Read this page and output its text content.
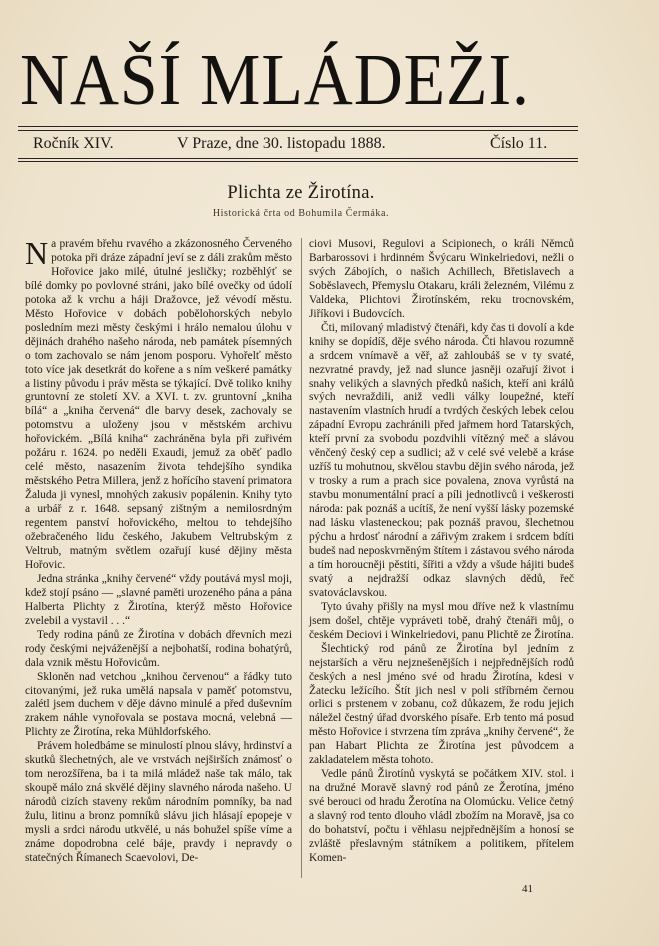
NAŠÍ MLÁDEŽI.
Ročník XIV.	V Praze, dne 30. listopadu 1888.	Číslo 11.
Plichta ze Žirotína.
Historická črta od Bohumila Čermáka.

Na pravém břehu rvavého a zkázonosného Červeného potoka při dráze západní jeví se z dáli zrakům město Hořovice jako milé, útulné jesličky; rozběhlýť se bílé domky po povlovné stráni, jako bílé ovečky od údolí potoka až k vrchu a háji Dražovce, jež vévodí městu. Město Hořovice v dobách pobělohorských nebylo posledním mezi městy českými i hrálo nemalou úlohu v dějinách drahého našeho národa, neb památek písemných o tom zachovalo se nám jenom posporu. Vyhořelť město toto více jak desetkrát do kořene a s ním veškeré památky a listiny původu i práv města se týkající. Dvě toliko knihy gruntovní ze století XV. a XVI. t. zv. gruntovní „kniha bílá“ a „kniha červená“ dle barvy desek, zachovaly se potomstvu a uloženy jsou v městském archivu hořovickém. „Bílá kniha“ zachráněna byla při zuřivém požáru r. 1624. po neděli Exaudi, jemuž za oběť padlo celé město, nasazením života tehdejšího syndika městského Petra Millera, jenž z hořícího stavení primatora Žaluda ji vynesl, mnohých zakusiv popálenin. Knihy tyto a urbář z r. 1648. sepsaný zištným a nemilosrdným regentem panství hořovického, meltou to tehdejšího ožebračeného lidu českého, Jakubem Veltrubským z Veltrub, matným světlem ozařují kusé dějiny města Hořovic.

Jedna stránka „knihy červené“ vždy poutává mysl moji, kdež stojí psáno — „slavné paměti urozeného pána a pána Halberta Plichty z Žirotína, kterýž město Hořovice zvelebil a vystavil . . .“

Tedy rodina pánů ze Žirotína v dobách dřevních mezi rody českými nejváženější a nejbohatší, rodina bohatýrů, dala vznik městu Hořovicům.

Skloněn nad vetchou „knihou červenou“ a řádky tuto citovanými, jež ruka umělá napsala v paměť potomstvu, zalétl jsem duchem v děje dávno minulé a před duševním zrakem náhle vynořovala se postava mocná, velebná — Plichty ze Žirotína, reka Mühldorfského.

Právem holedbáme se minulostí plnou slávy, hrdinství a skutků šlechetných, ale ve vrstvách nejširších známosť o tom nerozšířena, ba i ta milá mládež naše tak málo, tak skoupě málo zná skvělé dějiny slavného národa našeho. U národů cizích staveny rekům národním pomníky, ba nad žulu, litinu a bronz pomníků slávu jich hlásají epopeje v mysli a srdci národu utkvělé, u nás bohužel spíše víme a známe dopodrobna celé báje, pravdy i nepravdy o statečných Římanech Scaevolovi, De-

ciovi Musovi, Regulovi a Scipionech, o králi Němců Barbarossovi i hrdinném Švýcaru Winkelriedovi, nežli o svých Zábojích, o našich Achillech, Břetislavech a Soběslavech, Přemyslu Otakaru, králi železném, Vilému z Valdeka, Plichtovi Žirotínském, reku trocnovském, Jiříkovi i Budovcích.

Čti, milovaný mladistvý čtenáři, kdy čas ti dovolí a kde knihy se dopídíš, děje svého národa. Čti hlavou rozumně a srdcem vnímavě a věř, až zahloubáš se v ty svaté, nezvratné pravdy, jež nad slunce jasněji ozařují život i snahy velikých a slavných předků našich, kteří ani králů svých nevraždili, aniž vedli války loupežné, kteří nastavením vlastních hrudí a tvrdých českých lebek celou západní Evropu zachránili před jařmem hord Tatarských, kteří první za svobodu pozdvihli vítězný meč a slávou věnčený český cep a sudlici; až v celé své velebě a kráse uzříš tu mohutnou, skvělou stavbu dějin svého národa, jež v trosky a rum a prach sice povalena, znova vyrůstá na stavbu monumentální prací a píli jednotlivců i veškerosti národa: pak poznáš a ucítíš, že není vyšší lásky pozemské nad lásku vlasteneckou; pak poznáš pravou, šlechetnou pýchu a hrdosť národní a zářivým zrakem i srdcem bdíti budeš nad neposkvrněným štítem i zástavou svého národa a tím horoucněji pěstiti, šířiti a vždy a všude hájiti budeš svatý a nejdražší odkaz slavných dědů, řeč svatováclavskou.

Tyto úvahy přišly na mysl mou dříve než k vlastnímu jsem došel, chtěje vypráveti tobě, drahý čtenáři můj, o českém Deciovi i Winkelriedovi, panu Plichtě ze Žirotína.

Šlechtický rod pánů ze Žirotína byl jedním z nejstarších a věru nejznešenějších i nejpřednějších rodů českých a nesl jméno své od hradu Žirotína, kdesi v Žatecku ležícího. Štít jich nesl v poli stříbrném černou orlici s prstenem v zobanu, což důkazem, že rodu jejich náležel čestný úřad dvorského písaře. Erb tento má posud město Hořovice i stvrzena tím zpráva „knihy červené“, že pan Habart Plichta ze Žirotína jest původcem a zakladatelem města tohoto.

Vedle pánů Žirotínů vyskytá se počátkem XIV. stol. i na družné Moravě slavný rod pánů ze Žerotína, jméno své berouci od hradu Žerotína na Olomúcku. Velice četný a slavný rod tento dlouho vládl zbožím na Moravě, jsa co do bohatství, počtu i věhlasu nejpřednějším a honosí se zvláště přeslavným státníkem a politikem, přítelem Komen-

41
